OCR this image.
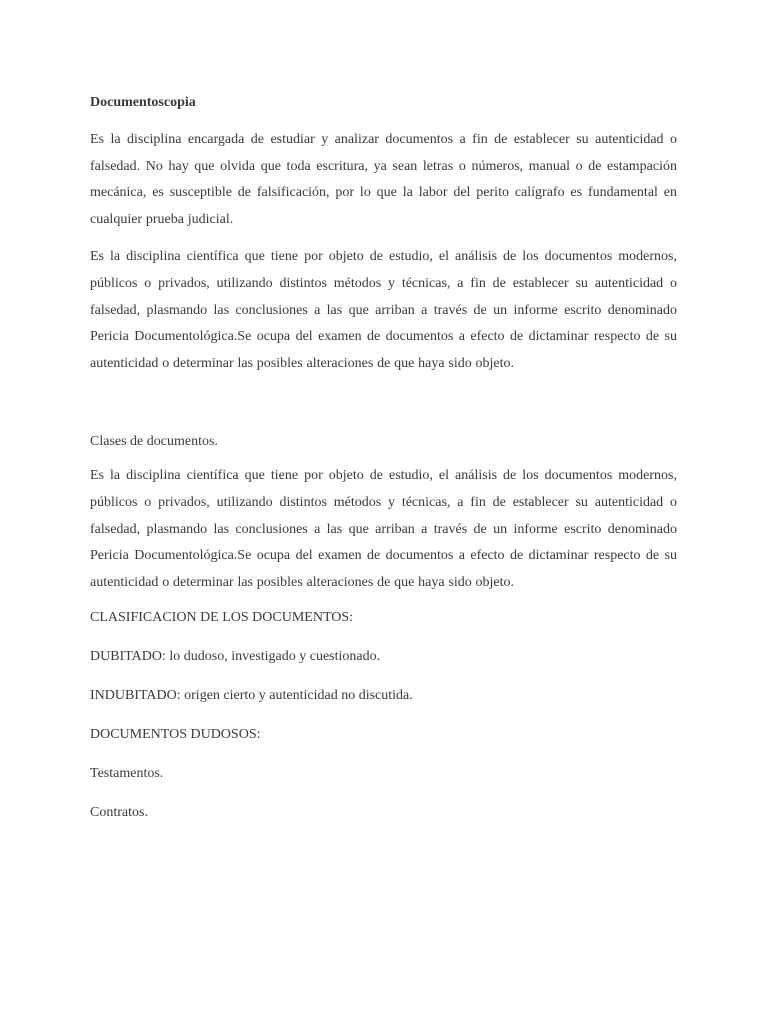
Documentoscopia

Es la disciplina encargada de estudiar y analizar documentos a fin de establecer su autenticidad o falsedad. No hay que olvida que toda escritura, ya sean letras o números, manual o de estampación mecánica, es susceptible de falsificación, por lo que la labor del perito calígrafo es fundamental en cualquier prueba judicial.

Es la disciplina científica que tiene por objeto de estudio, el análisis de los documentos modernos, públicos o privados, utilizando distintos métodos y técnicas, a fin de establecer su autenticidad o falsedad, plasmando las conclusiones a las que arriban a través de un informe escrito denominado Pericia Documentológica.Se ocupa del examen de documentos a efecto de dictaminar respecto de su autenticidad o determinar las posibles alteraciones de que haya sido objeto.

Clases de documentos.

Es la disciplina científica que tiene por objeto de estudio, el análisis de los documentos modernos, públicos o privados, utilizando distintos métodos y técnicas, a fin de establecer su autenticidad o falsedad, plasmando las conclusiones a las que arriban a través de un informe escrito denominado Pericia Documentológica.Se ocupa del examen de documentos a efecto de dictaminar respecto de su autenticidad o determinar las posibles alteraciones de que haya sido objeto.

CLASIFICACION DE LOS DOCUMENTOS:
DUBITADO: lo dudoso, investigado y cuestionado.
INDUBITADO: origen cierto y autenticidad no discutida.
DOCUMENTOS DUDOSOS:
Testamentos.
Contratos.
